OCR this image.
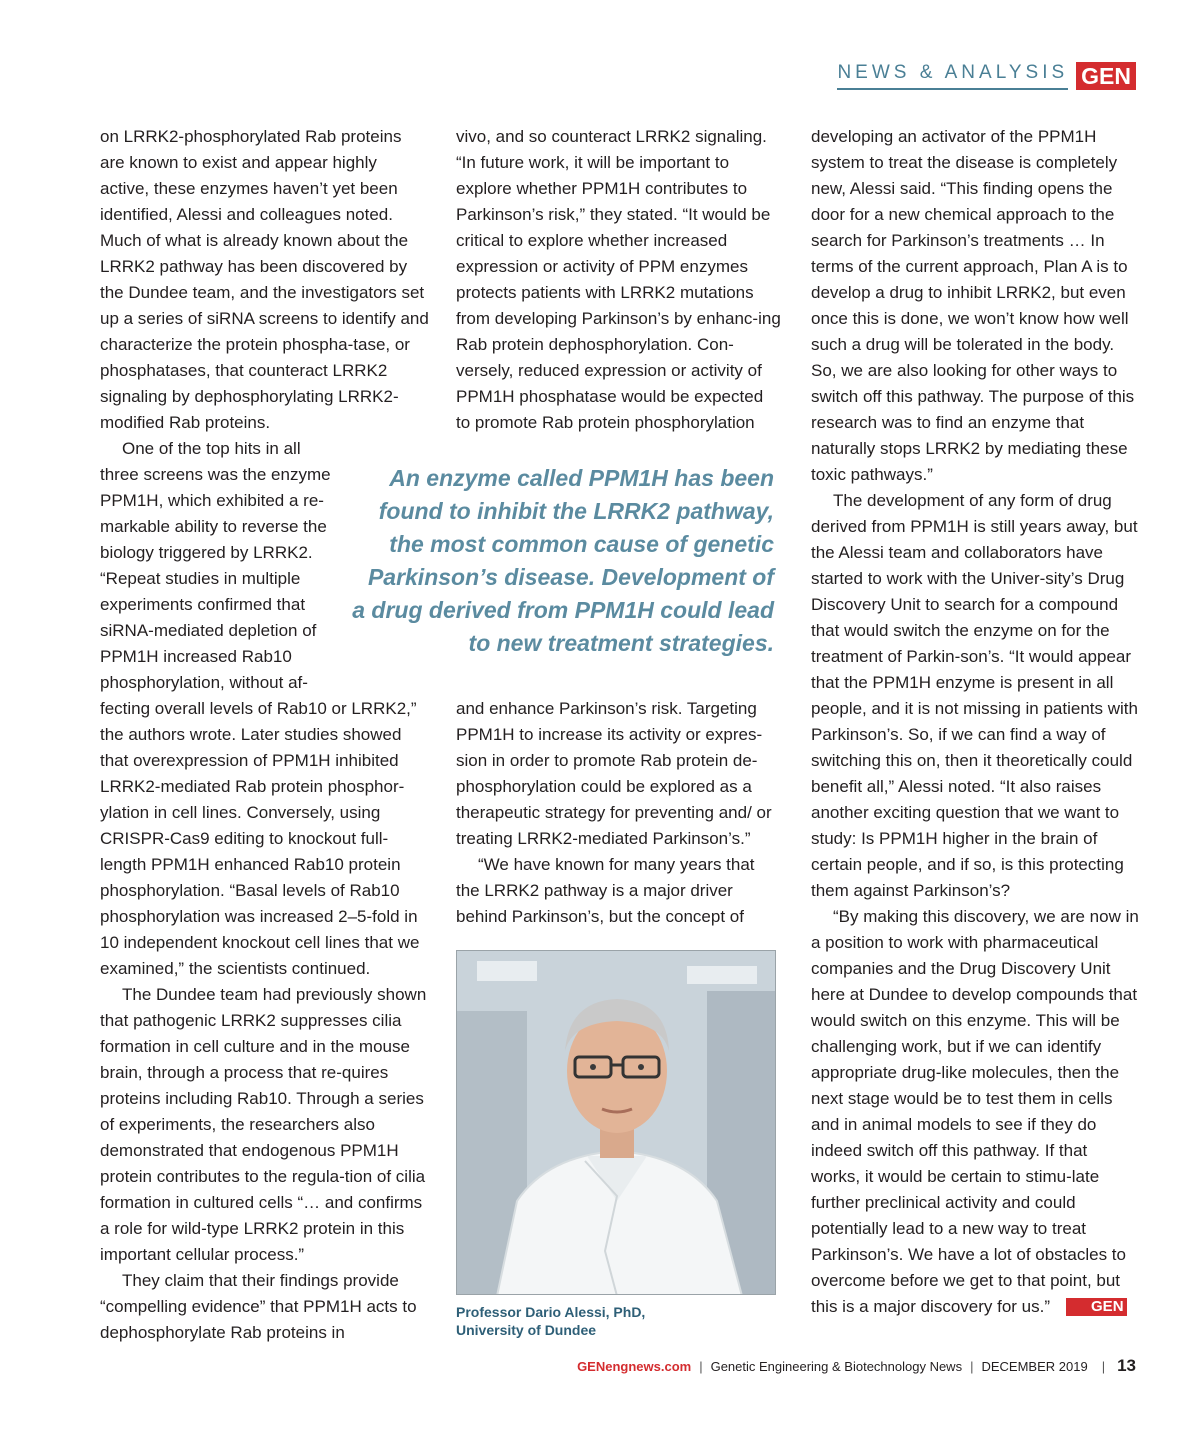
NEWS & ANALYSIS GEN

on LRRK2-phosphorylated Rab proteins are known to exist and appear highly active, these enzymes haven’t yet been identified, Alessi and colleagues noted. Much of what is already known about the LRRK2 pathway has been discovered by the Dundee team, and the investigators set up a series of siRNA screens to identify and characterize the protein phospha-tase, or phosphatases, that counteract LRRK2 signaling by dephosphorylating LRRK2-modified Rab proteins.

One of the top hits in all three screens was the enzyme PPM1H, which exhibited a re-markable ability to reverse the biology triggered by LRRK2. “Repeat studies in multiple experiments confirmed that siRNA-mediated depletion of PPM1H increased Rab10 phosphorylation, without af-

fecting overall levels of Rab10 or LRRK2,” the authors wrote. Later studies showed that overexpression of PPM1H inhibited LRRK2-mediated Rab protein phosphor-ylation in cell lines. Conversely, using CRISPR-Cas9 editing to knockout full-length PPM1H enhanced Rab10 protein phosphorylation. “Basal levels of Rab10 phosphorylation was increased 2–5-fold in 10 independent knockout cell lines that we examined,” the scientists continued.

The Dundee team had previously shown that pathogenic LRRK2 suppresses cilia formation in cell culture and in the mouse brain, through a process that re-quires proteins including Rab10. Through a series of experiments, the researchers also demonstrated that endogenous PPM1H protein contributes to the regula-tion of cilia formation in cultured cells “… and confirms a role for wild-type LRRK2 protein in this important cellular process.”

They claim that their findings provide “compelling evidence” that PPM1H acts to dephosphorylate Rab proteins in

vivo, and so counteract LRRK2 signaling. “In future work, it will be important to explore whether PPM1H contributes to Parkinson’s risk,” they stated. “It would be critical to explore whether increased expression or activity of PPM enzymes protects patients with LRRK2 mutations from developing Parkinson’s by enhanc-ing Rab protein dephosphorylation. Con-versely, reduced expression or activity of PPM1H phosphatase would be expected to promote Rab protein phosphorylation

An enzyme called PPM1H has been found to inhibit the LRRK2 pathway, the most common cause of genetic Parkinson’s disease. Development of a drug derived from PPM1H could lead to new treatment strategies.

and enhance Parkinson’s risk. Targeting PPM1H to increase its activity or expres-sion in order to promote Rab protein de-phosphorylation could be explored as a therapeutic strategy for preventing and/ or treating LRRK2-mediated Parkinson’s.”

“We have known for many years that the LRRK2 pathway is a major driver behind Parkinson’s, but the concept of

Professor Dario Alessi, PhD,
University of Dundee

developing an activator of the PPM1H system to treat the disease is completely new, Alessi said. “This finding opens the door for a new chemical approach to the search for Parkinson’s treatments … In terms of the current approach, Plan A is to develop a drug to inhibit LRRK2, but even once this is done, we won’t know how well such a drug will be tolerated in the body. So, we are also looking for other ways to switch off this pathway. The purpose of this research was to find an enzyme that naturally stops LRRK2 by mediating these toxic pathways.”

The development of any form of drug derived from PPM1H is still years away, but the Alessi team and collaborators have started to work with the Univer-sity’s Drug Discovery Unit to search for a compound that would switch the enzyme on for the treatment of Parkin-son’s. “It would appear that the PPM1H enzyme is present in all people, and it is not missing in patients with Parkinson’s. So, if we can find a way of switching this on, then it theoretically could benefit all,” Alessi noted. “It also raises another exciting question that we want to study: Is PPM1H higher in the brain of certain people, and if so, is this protecting them against Parkinson’s?

“By making this discovery, we are now in a position to work with pharmaceutical companies and the Drug Discovery Unit here at Dundee to develop compounds that would switch on this enzyme. This will be challenging work, but if we can identify appropriate drug-like molecules, then the next stage would be to test them in cells and in animal models to see if they do indeed switch off this pathway. If that works, it would be certain to stimu-late further preclinical activity and could potentially lead to a new way to treat Parkinson’s. We have a lot of obstacles to overcome before we get to that point, but this is a major discovery for us.”	GEN

GENengnews.com | Genetic Engineering & Biotechnology News | DECEMBER 2019 | 13
